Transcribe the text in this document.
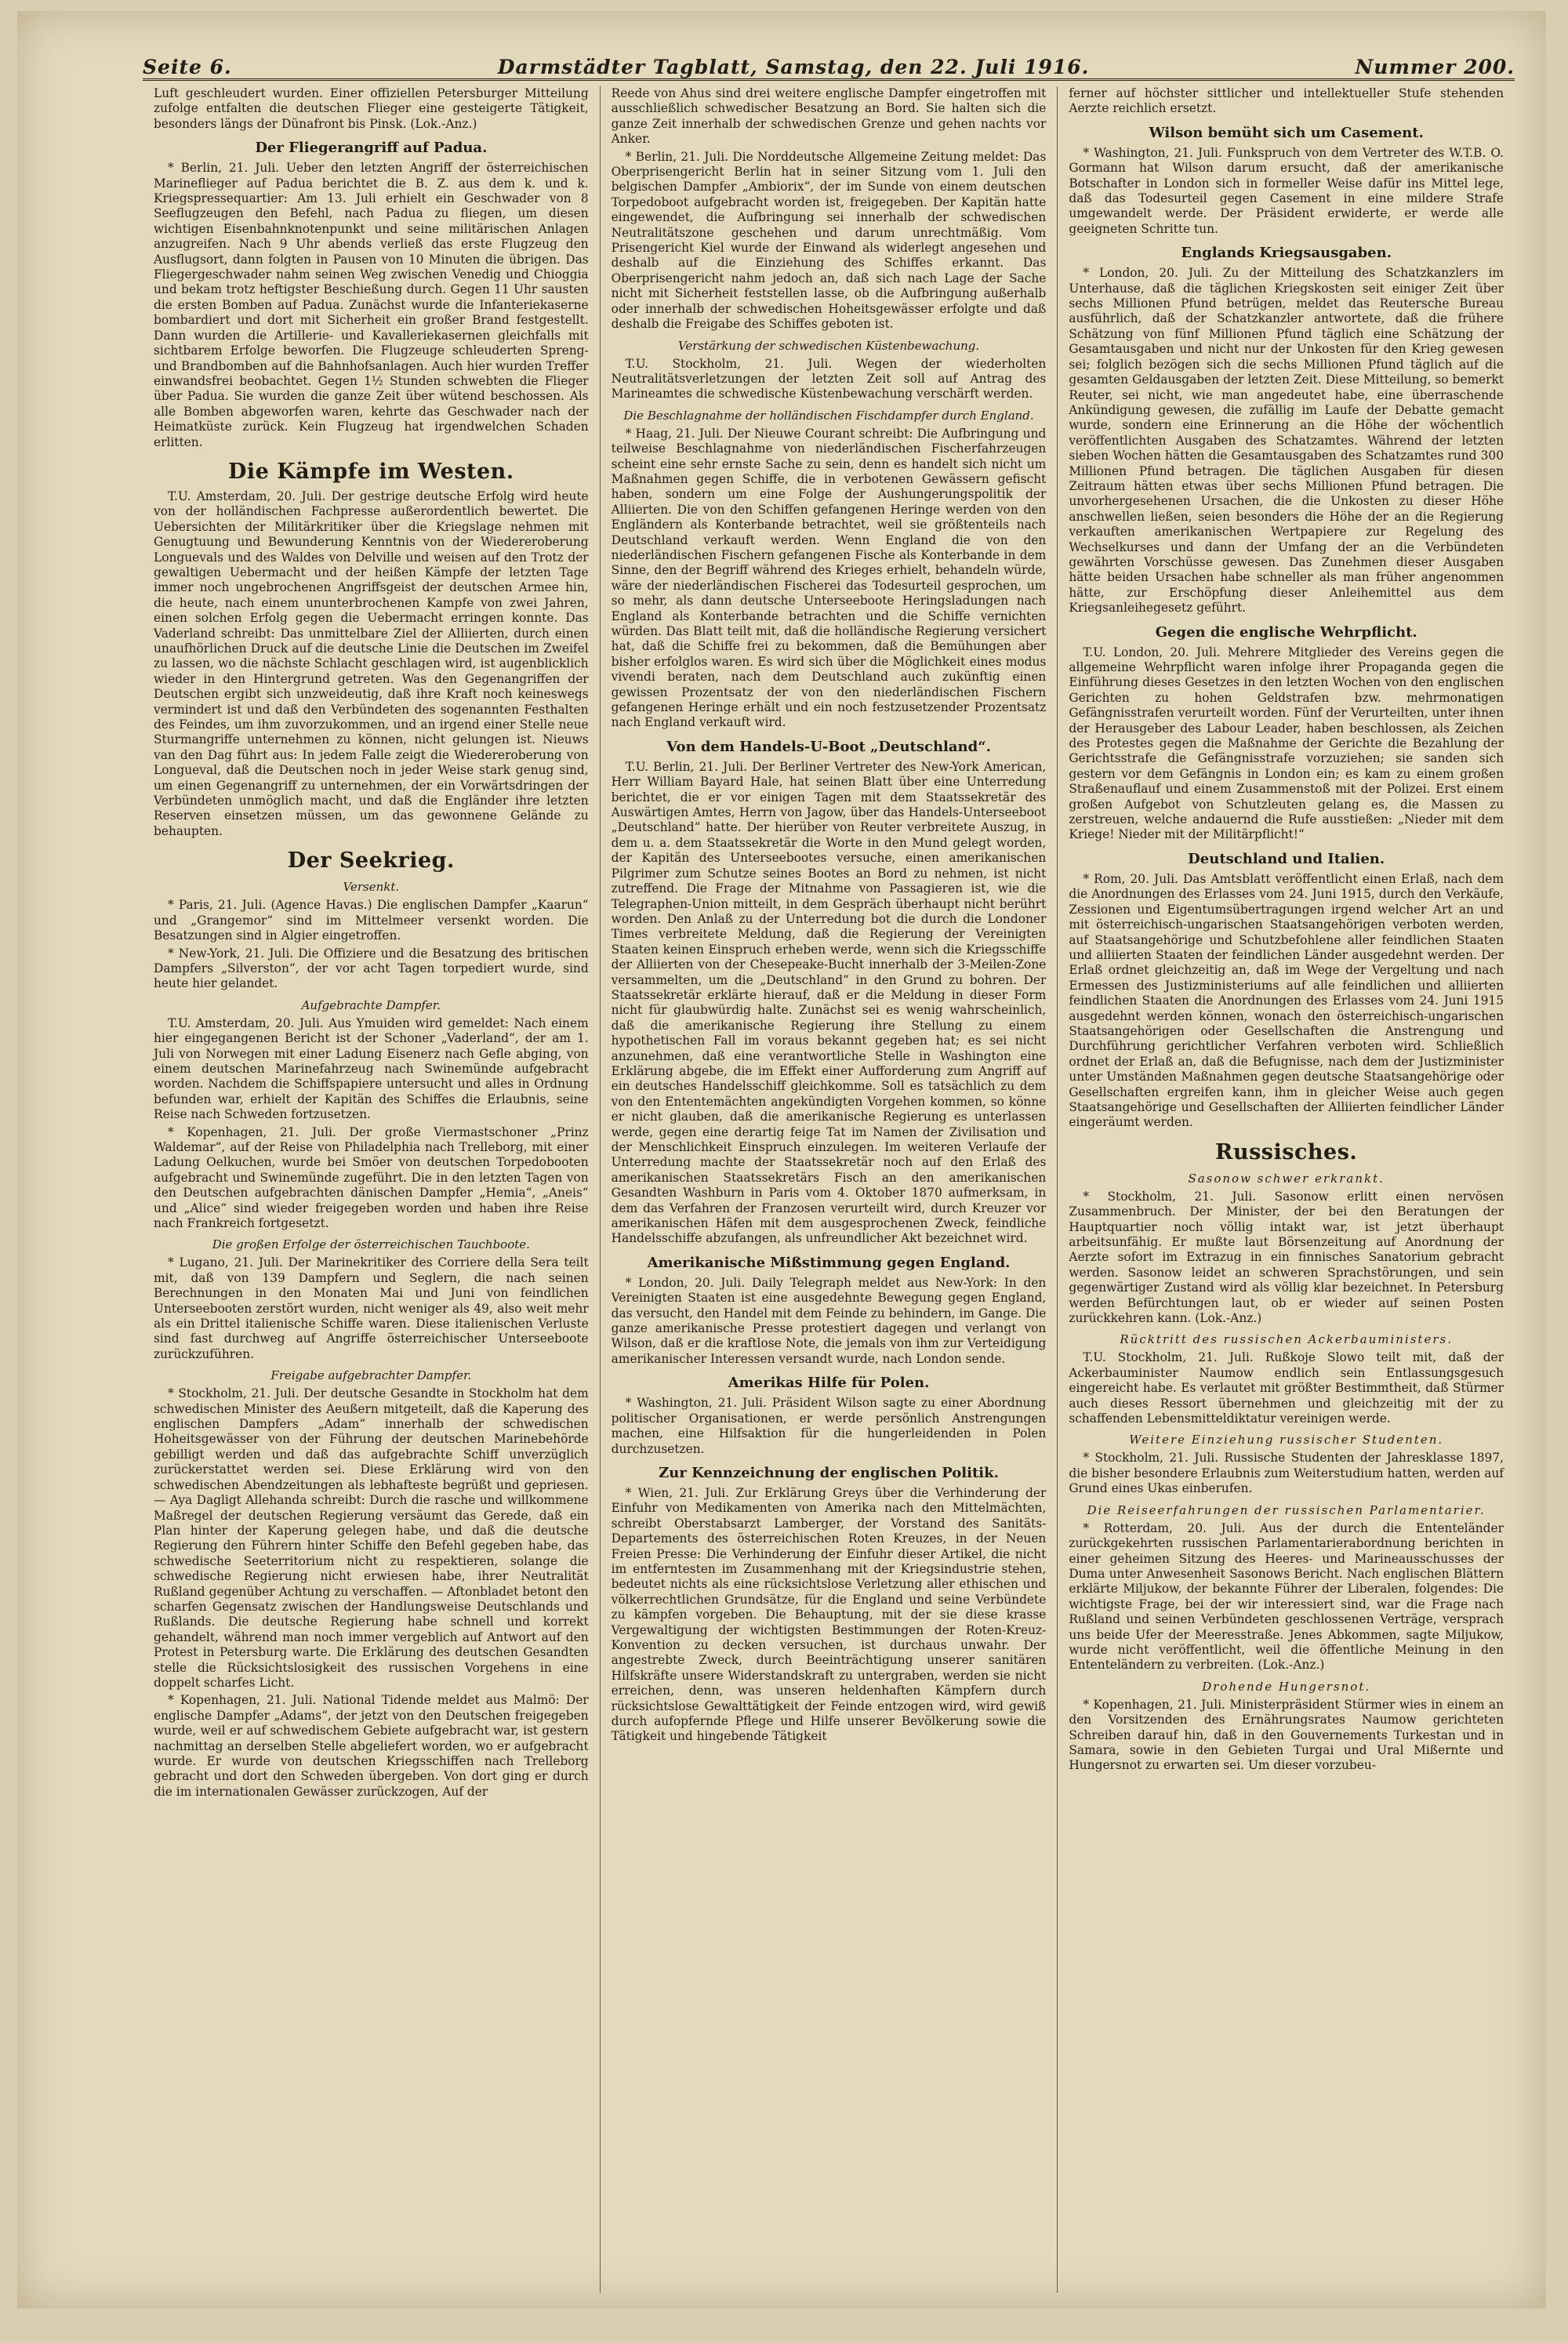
Seite 6.	Darmstädter Tagblatt, Samstag, den 22. Juli 1916.	Nummer 200.

Luft geschleudert wurden. Einer offiziellen Petersburger Mitteilung zufolge entfalten die deutschen Flieger eine gesteigerte Tätigkeit, besonders längs der Dünafront bis Pinsk. (Lok.-Anz.)

Der Fliegerangriff auf Padua.

* Berlin, 21. Juli. Ueber den letzten Angriff der österreichischen Marineflieger auf Padua berichtet die B. Z. aus dem k. und k. Kriegspressequartier: Am 13. Juli erhielt ein Geschwader von 8 Seeflugzeugen den Befehl, nach Padua zu fliegen, um diesen wichtigen Eisenbahnknotenpunkt und seine militärischen Anlagen anzugreifen. Nach 9 Uhr abends verließ das erste Flugzeug den Ausflugsort, dann folgten in Pausen von 10 Minuten die übrigen. Das Fliegergeschwader nahm seinen Weg zwischen Venedig und Chioggia und bekam trotz heftigster Beschießung durch. Gegen 11 Uhr sausten die ersten Bomben auf Padua. Zunächst wurde die Infanteriekaserne bombardiert und dort mit Sicherheit ein großer Brand festgestellt. Dann wurden die Artillerie- und Kavalleriekasernen gleichfalls mit sichtbarem Erfolge beworfen. Die Flugzeuge schleuderten Spreng- und Brandbomben auf die Bahnhofsanlagen. Auch hier wurden Treffer einwandsfrei beobachtet. Gegen 1½ Stunden schwebten die Flieger über Padua. Sie wurden die ganze Zeit über wütend beschossen. Als alle Bomben abgeworfen waren, kehrte das Geschwader nach der Heimatküste zurück. Kein Flugzeug hat irgendwelchen Schaden erlitten.

Die Kämpfe im Westen.

T.U. Amsterdam, 20. Juli. Der gestrige deutsche Erfolg wird heute von der holländischen Fachpresse außerordentlich bewertet. Die Uebersichten der Militärkritiker über die Kriegslage nehmen mit Genugtuung und Bewunderung Kenntnis von der Wiedereroberung Longuevals und des Waldes von Delville und weisen auf den Trotz der gewaltigen Uebermacht und der heißen Kämpfe der letzten Tage immer noch ungebrochenen Angriffsgeist der deutschen Armee hin, die heute, nach einem ununterbrochenen Kampfe von zwei Jahren, einen solchen Erfolg gegen die Uebermacht erringen konnte. Das Vaderland schreibt: Das unmittelbare Ziel der Alliierten, durch einen unaufhörlichen Druck auf die deutsche Linie die Deutschen im Zweifel zu lassen, wo die nächste Schlacht geschlagen wird, ist augenblicklich wieder in den Hintergrund getreten. Was den Gegenangriffen der Deutschen ergibt sich unzweideutig, daß ihre Kraft noch keineswegs vermindert ist und daß den Verbündeten des sogenannten Festhalten des Feindes, um ihm zuvorzukommen, und an irgend einer Stelle neue Sturmangriffe unternehmen zu können, nicht gelungen ist. Nieuws van den Dag führt aus: In jedem Falle zeigt die Wiedereroberung von Longueval, daß die Deutschen noch in jeder Weise stark genug sind, um einen Gegenangriff zu unternehmen, der ein Vorwärtsdringen der Verbündeten unmöglich macht, und daß die Engländer ihre letzten Reserven einsetzen müssen, um das gewonnene Gelände zu behaupten.

Der Seekrieg.
Versenkt.

* Paris, 21. Juli. (Agence Havas.) Die englischen Dampfer „Kaarun“ und „Grangemor“ sind im Mittelmeer versenkt worden. Die Besatzungen sind in Algier eingetroffen.

* New-York, 21. Juli. Die Offiziere und die Besatzung des britischen Dampfers „Silverston“, der vor acht Tagen torpediert wurde, sind heute hier gelandet.

Aufgebrachte Dampfer.

T.U. Amsterdam, 20. Juli. Aus Ymuiden wird gemeldet: Nach einem hier eingegangenen Bericht ist der Schoner „Vaderland“, der am 1. Juli von Norwegen mit einer Ladung Eisenerz nach Gefle abging, von einem deutschen Marinefahrzeug nach Swinemünde aufgebracht worden. Nachdem die Schiffspapiere untersucht und alles in Ordnung befunden war, erhielt der Kapitän des Schiffes die Erlaubnis, seine Reise nach Schweden fortzusetzen.

* Kopenhagen, 21. Juli. Der große Viermastschoner „Prinz Waldemar“, auf der Reise von Philadelphia nach Trelleborg, mit einer Ladung Oelkuchen, wurde bei Smöer von deutschen Torpedobooten aufgebracht und Swinemünde zugeführt. Die in den letzten Tagen von den Deutschen aufgebrachten dänischen Dampfer „Hemia“, „Aneis“ und „Alice“ sind wieder freigegeben worden und haben ihre Reise nach Frankreich fortgesetzt.

Die großen Erfolge der österreichischen Tauchboote.

* Lugano, 21. Juli. Der Marinekritiker des Corriere della Sera teilt mit, daß von 139 Dampfern und Seglern, die nach seinen Berechnungen in den Monaten Mai und Juni von feindlichen Unterseebooten zerstört wurden, nicht weniger als 49, also weit mehr als ein Drittel italienische Schiffe waren. Diese italienischen Verluste sind fast durchweg auf Angriffe österreichischer Unterseeboote zurückzuführen.

Freigabe aufgebrachter Dampfer.

* Stockholm, 21. Juli. Der deutsche Gesandte in Stockholm hat dem schwedischen Minister des Aeußern mitgeteilt, daß die Kaperung des englischen Dampfers „Adam“ innerhalb der schwedischen Hoheitsgewässer von der Führung der deutschen Marinebehörde gebilligt werden und daß das aufgebrachte Schiff unverzüglich zurückerstattet werden sei. Diese Erklärung wird von den schwedischen Abendzeitungen als lebhafteste begrüßt und gepriesen. — Aya Dagligt Allehanda schreibt: Durch die rasche und willkommene Maßregel der deutschen Regierung versäumt das Gerede, daß ein Plan hinter der Kaperung gelegen habe, und daß die deutsche Regierung den Führern hinter Schiffe den Befehl gegeben habe, das schwedische Seeterritorium nicht zu respektieren, solange die schwedische Regierung nicht erwiesen habe, ihrer Neutralität Rußland gegenüber Achtung zu verschaffen. — Aftonbladet betont den scharfen Gegensatz zwischen der Handlungsweise Deutschlands und Rußlands. Die deutsche Regierung habe schnell und korrekt gehandelt, während man noch immer vergeblich auf Antwort auf den Protest in Petersburg warte. Die Erklärung des deutschen Gesandten stelle die Rücksichtslosigkeit des russischen Vorgehens in eine doppelt scharfes Licht.

* Kopenhagen, 21. Juli. National Tidende meldet aus Malmö: Der englische Dampfer „Adams“, der jetzt von den Deutschen freigegeben wurde, weil er auf schwedischem Gebiete aufgebracht war, ist gestern nachmittag an derselben Stelle abgeliefert worden, wo er aufgebracht wurde. Er wurde von deutschen Kriegsschiffen nach Trelleborg gebracht und dort den Schweden übergeben. Von dort ging er durch die im internationalen Gewässer zurückzogen, Auf der

Reede von Ahus sind drei weitere englische Dampfer eingetroffen mit ausschließlich schwedischer Besatzung an Bord. Sie halten sich die ganze Zeit innerhalb der schwedischen Grenze und gehen nachts vor Anker.

* Berlin, 21. Juli. Die Norddeutsche Allgemeine Zeitung meldet: Das Oberprisengericht Berlin hat in seiner Sitzung vom 1. Juli den belgischen Dampfer „Ambiorix“, der im Sunde von einem deutschen Torpedoboot aufgebracht worden ist, freigegeben. Der Kapitän hatte eingewendet, die Aufbringung sei innerhalb der schwedischen Neutralitätszone geschehen und darum unrechtmäßig. Vom Prisengericht Kiel wurde der Einwand als widerlegt angesehen und deshalb auf die Einziehung des Schiffes erkannt. Das Oberprisengericht nahm jedoch an, daß sich nach Lage der Sache nicht mit Sicherheit feststellen lasse, ob die Aufbringung außerhalb oder innerhalb der schwedischen Hoheitsgewässer erfolgte und daß deshalb die Freigabe des Schiffes geboten ist.

Verstärkung der schwedischen Küstenbewachung.

T.U. Stockholm, 21. Juli. Wegen der wiederholten Neutralitätsverletzungen der letzten Zeit soll auf Antrag des Marineamtes die schwedische Küstenbewachung verschärft werden.

Die Beschlagnahme der holländischen Fischdampfer durch England.

* Haag, 21. Juli. Der Nieuwe Courant schreibt: Die Aufbringung und teilweise Beschlagnahme von niederländischen Fischerfahrzeugen scheint eine sehr ernste Sache zu sein, denn es handelt sich nicht um Maßnahmen gegen Schiffe, die in verbotenen Gewässern gefischt haben, sondern um eine Folge der Aushungerungspolitik der Alliierten. Die von den Schiffen gefangenen Heringe werden von den Engländern als Konterbande betrachtet, weil sie größtenteils nach Deutschland verkauft werden. Wenn England die von den niederländischen Fischern gefangenen Fische als Konterbande in dem Sinne, den der Begriff während des Krieges erhielt, behandeln würde, wäre der niederländischen Fischerei das Todesurteil gesprochen, um so mehr, als dann deutsche Unterseeboote Heringsladungen nach England als Konterbande betrachten und die Schiffe vernichten würden. Das Blatt teilt mit, daß die holländische Regierung versichert hat, daß die Schiffe frei zu bekommen, daß die Bemühungen aber bisher erfolglos waren. Es wird sich über die Möglichkeit eines modus vivendi beraten, nach dem Deutschland auch zukünftig einen gewissen Prozentsatz der von den niederländischen Fischern gefangenen Heringe erhält und ein noch festzusetzender Prozentsatz nach England verkauft wird.

Von dem Handels-U-Boot „Deutschland“.

T.U. Berlin, 21. Juli. Der Berliner Vertreter des New-York American, Herr William Bayard Hale, hat seinen Blatt über eine Unterredung berichtet, die er vor einigen Tagen mit dem Staatssekretär des Auswärtigen Amtes, Herrn von Jagow, über das Handels-Unterseeboot „Deutschland“ hatte. Der hierüber von Reuter verbreitete Auszug, in dem u. a. dem Staatssekretär die Worte in den Mund gelegt worden, der Kapitän des Unterseebootes versuche, einen amerikanischen Pilgrimer zum Schutze seines Bootes an Bord zu nehmen, ist nicht zutreffend. Die Frage der Mitnahme von Passagieren ist, wie die Telegraphen-Union mitteilt, in dem Gespräch überhaupt nicht berührt worden. Den Anlaß zu der Unterredung bot die durch die Londoner Times verbreitete Meldung, daß die Regierung der Vereinigten Staaten keinen Einspruch erheben werde, wenn sich die Kriegsschiffe der Alliierten von der Chesepeake-Bucht innerhalb der 3-Meilen-Zone versammelten, um die „Deutschland“ in den Grund zu bohren. Der Staatssekretär erklärte hierauf, daß er die Meldung in dieser Form nicht für glaubwürdig halte. Zunächst sei es wenig wahrscheinlich, daß die amerikanische Regierung ihre Stellung zu einem hypothetischen Fall im voraus bekannt gegeben hat; es sei nicht anzunehmen, daß eine verantwortliche Stelle in Washington eine Erklärung abgebe, die im Effekt einer Aufforderung zum Angriff auf ein deutsches Handelsschiff gleichkomme. Soll es tatsächlich zu dem von den Ententemächten angekündigten Vorgehen kommen, so könne er nicht glauben, daß die amerikanische Regierung es unterlassen werde, gegen eine derartig feige Tat im Namen der Zivilisation und der Menschlichkeit Einspruch einzulegen. Im weiteren Verlaufe der Unterredung machte der Staatssekretär noch auf den Erlaß des amerikanischen Staatssekretärs Fisch an den amerikanischen Gesandten Washburn in Paris vom 4. Oktober 1870 aufmerksam, in dem das Verfahren der Franzosen verurteilt wird, durch Kreuzer vor amerikanischen Häfen mit dem ausgesprochenen Zweck, feindliche Handelsschiffe abzufangen, als unfreundlicher Akt bezeichnet wird.

Amerikanische Mißstimmung gegen England.

* London, 20. Juli. Daily Telegraph meldet aus New-York: In den Vereinigten Staaten ist eine ausgedehnte Bewegung gegen England, das versucht, den Handel mit dem Feinde zu behindern, im Gange. Die ganze amerikanische Presse protestiert dagegen und verlangt von Wilson, daß er die kraftlose Note, die jemals von ihm zur Verteidigung amerikanischer Interessen versandt wurde, nach London sende.

Amerikas Hilfe für Polen.

* Washington, 21. Juli. Präsident Wilson sagte zu einer Abordnung politischer Organisationen, er werde persönlich Anstrengungen machen, eine Hilfsaktion für die hungerleidenden in Polen durchzusetzen.

Zur Kennzeichnung der englischen Politik.

* Wien, 21. Juli. Zur Erklärung Greys über die Verhinderung der Einfuhr von Medikamenten von Amerika nach den Mittelmächten, schreibt Oberstabsarzt Lamberger, der Vorstand des Sanitäts-Departements des österreichischen Roten Kreuzes, in der Neuen Freien Presse: Die Verhinderung der Einfuhr dieser Artikel, die nicht im entferntesten im Zusammenhang mit der Kriegsindustrie stehen, bedeutet nichts als eine rücksichtslose Verletzung aller ethischen und völkerrechtlichen Grundsätze, für die England und seine Verbündete zu kämpfen vorgeben. Die Behauptung, mit der sie diese krasse Vergewaltigung der wichtigsten Bestimmungen der Roten-Kreuz-Konvention zu decken versuchen, ist durchaus unwahr. Der angestrebte Zweck, durch Beeinträchtigung unserer sanitären Hilfskräfte unsere Widerstandskraft zu untergraben, werden sie nicht erreichen, denn, was unseren heldenhaften Kämpfern durch rücksichtslose Gewalttätigkeit der Feinde entzogen wird, wird gewiß durch aufopfernde Pflege und Hilfe unserer Bevölkerung sowie die Tätigkeit und hingebende Tätigkeit

ferner auf höchster sittlicher und intellektueller Stufe stehenden Aerzte reichlich ersetzt.

Wilson bemüht sich um Casement.

* Washington, 21. Juli. Funkspruch von dem Vertreter des W.T.B. O. Gormann hat Wilson darum ersucht, daß der amerikanische Botschafter in London sich in formeller Weise dafür ins Mittel lege, daß das Todesurteil gegen Casement in eine mildere Strafe umgewandelt werde. Der Präsident erwiderte, er werde alle geeigneten Schritte tun.

Englands Kriegsausgaben.

* London, 20. Juli. Zu der Mitteilung des Schatzkanzlers im Unterhause, daß die täglichen Kriegskosten seit einiger Zeit über sechs Millionen Pfund betrügen, meldet das Reutersche Bureau ausführlich, daß der Schatzkanzler antwortete, daß die frühere Schätzung von fünf Millionen Pfund täglich eine Schätzung der Gesamtausgaben und nicht nur der Unkosten für den Krieg gewesen sei; folglich bezögen sich die sechs Millionen Pfund täglich auf die gesamten Geldausgaben der letzten Zeit. Diese Mitteilung, so bemerkt Reuter, sei nicht, wie man angedeutet habe, eine überraschende Ankündigung gewesen, die zufällig im Laufe der Debatte gemacht wurde, sondern eine Erinnerung an die Höhe der wöchentlich veröffentlichten Ausgaben des Schatzamtes. Während der letzten sieben Wochen hätten die Gesamtausgaben des Schatzamtes rund 300 Millionen Pfund betragen. Die täglichen Ausgaben für diesen Zeitraum hätten etwas über sechs Millionen Pfund betragen. Die unvorhergesehenen Ursachen, die die Unkosten zu dieser Höhe anschwellen ließen, seien besonders die Höhe der an die Regierung verkauften amerikanischen Wertpapiere zur Regelung des Wechselkurses und dann der Umfang der an die Verbündeten gewährten Vorschüsse gewesen. Das Zunehmen dieser Ausgaben hätte beiden Ursachen habe schneller als man früher angenommen hätte, zur Erschöpfung dieser Anleihemittel aus dem Kriegsanleihegesetz geführt.

Gegen die englische Wehrpflicht.

T.U. London, 20. Juli. Mehrere Mitglieder des Vereins gegen die allgemeine Wehrpflicht waren infolge ihrer Propaganda gegen die Einführung dieses Gesetzes in den letzten Wochen von den englischen Gerichten zu hohen Geldstrafen bzw. mehrmonatigen Gefängnisstrafen verurteilt worden. Fünf der Verurteilten, unter ihnen der Herausgeber des Labour Leader, haben beschlossen, als Zeichen des Protestes gegen die Maßnahme der Gerichte die Bezahlung der Gerichtsstrafe die Gefängnisstrafe vorzuziehen; sie sanden sich gestern vor dem Gefängnis in London ein; es kam zu einem großen Straßenauflauf und einem Zusammenstoß mit der Polizei. Erst einem großen Aufgebot von Schutzleuten gelang es, die Massen zu zerstreuen, welche andauernd die Rufe ausstießen: „Nieder mit dem Kriege! Nieder mit der Militärpflicht!“

Deutschland und Italien.

* Rom, 20. Juli. Das Amtsblatt veröffentlicht einen Erlaß, nach dem die Anordnungen des Erlasses vom 24. Juni 1915, durch den Verkäufe, Zessionen und Eigentumsübertragungen irgend welcher Art an und mit österreichisch-ungarischen Staatsangehörigen verboten werden, auf Staatsangehörige und Schutzbefohlene aller feindlichen Staaten und alliierten Staaten der feindlichen Länder ausgedehnt werden. Der Erlaß ordnet gleichzeitig an, daß im Wege der Vergeltung und nach Ermessen des Justizministeriums auf alle feindlichen und alliierten feindlichen Staaten die Anordnungen des Erlasses vom 24. Juni 1915 ausgedehnt werden können, wonach den österreichisch-ungarischen Staatsangehörigen oder Gesellschaften die Anstrengung und Durchführung gerichtlicher Verfahren verboten wird. Schließlich ordnet der Erlaß an, daß die Befugnisse, nach dem der Justizminister unter Umständen Maßnahmen gegen deutsche Staatsangehörige oder Gesellschaften ergreifen kann, ihm in gleicher Weise auch gegen Staatsangehörige und Gesellschaften der Alliierten feindlicher Länder eingeräumt werden.

Russisches.
Sasonow schwer erkrankt.

* Stockholm, 21. Juli. Sasonow erlitt einen nervösen Zusammenbruch. Der Minister, der bei den Beratungen der Hauptquartier noch völlig intakt war, ist jetzt überhaupt arbeitsunfähig. Er mußte laut Börsenzeitung auf Anordnung der Aerzte sofort im Extrazug in ein finnisches Sanatorium gebracht werden. Sasonow leidet an schweren Sprachstörungen, und sein gegenwärtiger Zustand wird als völlig klar bezeichnet. In Petersburg werden Befürchtungen laut, ob er wieder auf seinen Posten zurückkehren kann. (Lok.-Anz.)

Rücktritt des russischen Ackerbauministers.

T.U. Stockholm, 21. Juli. Rußkoje Slowo teilt mit, daß der Ackerbauminister Naumow endlich sein Entlassungsgesuch eingereicht habe. Es verlautet mit größter Bestimmtheit, daß Stürmer auch dieses Ressort übernehmen und gleichzeitig mit der zu schaffenden Lebensmitteldiktatur vereinigen werde.

Weitere Einziehung russischer Studenten.

* Stockholm, 21. Juli. Russische Studenten der Jahresklasse 1897, die bisher besondere Erlaubnis zum Weiterstudium hatten, werden auf Grund eines Ukas einberufen.

Die Reiseerfahrungen der russischen Parlamentarier.

* Rotterdam, 20. Juli. Aus der durch die Ententeländer zurückgekehrten russischen Parlamentarierabordnung berichten in einer geheimen Sitzung des Heeres- und Marineausschusses der Duma unter Anwesenheit Sasonows Bericht. Nach englischen Blättern erklärte Miljukow, der bekannte Führer der Liberalen, folgendes: Die wichtigste Frage, bei der wir interessiert sind, war die Frage nach Rußland und seinen Verbündeten geschlossenen Verträge, versprach uns beide Ufer der Meeresstraße. Jenes Abkommen, sagte Miljukow, wurde nicht veröffentlicht, weil die öffentliche Meinung in den Ententeländern zu verbreiten. (Lok.-Anz.)

Drohende Hungersnot.

* Kopenhagen, 21. Juli. Ministerpräsident Stürmer wies in einem an den Vorsitzenden des Ernährungsrates Naumow gerichteten Schreiben darauf hin, daß in den Gouvernements Turkestan und in Samara, sowie in den Gebieten Turgai und Ural Mißernte und Hungersnot zu erwarten sei. Um dieser vorzubeu-
